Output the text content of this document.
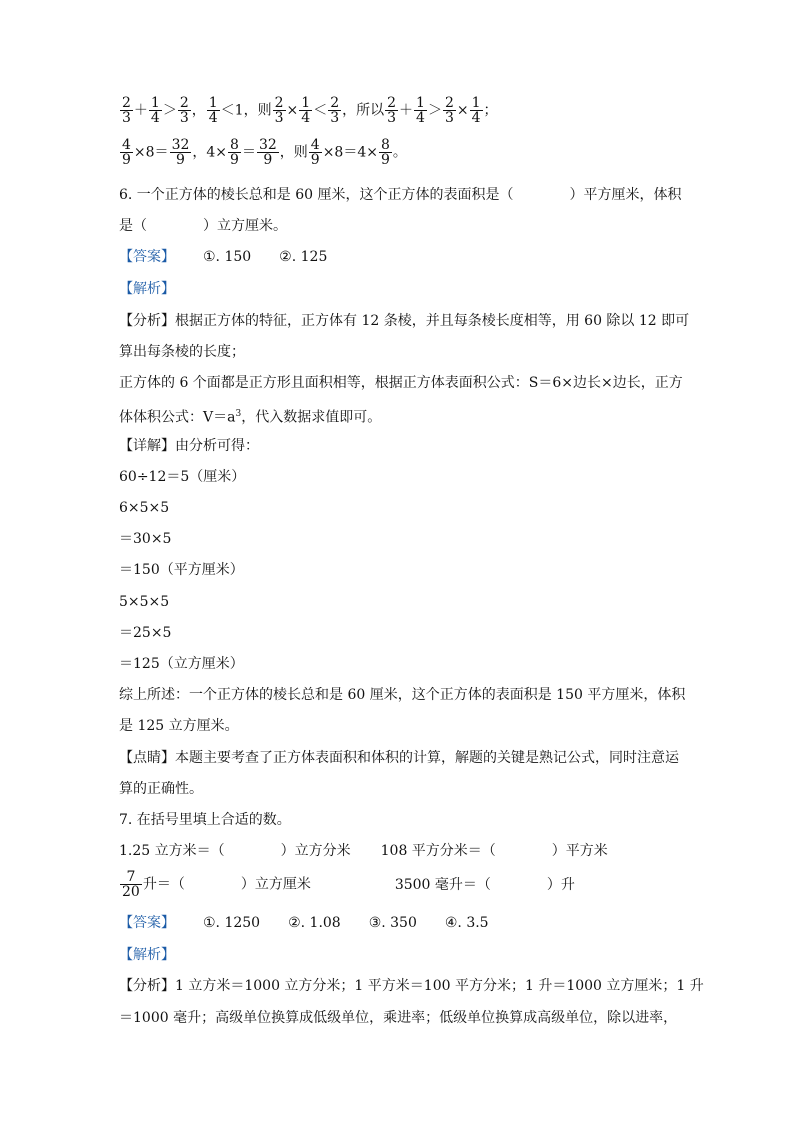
$\frac{2}{3} + \frac{1}{4} > \frac{2}{3}$ ， $\frac{1}{4} <1$，则 $\frac{2}{3} \times \frac{1}{4} < \frac{2}{3}$ ，所以 $\frac{2}{3} + \frac{1}{4} > \frac{2}{3} \times \frac{1}{4}$ ；
$\frac{4}{9} \times 8= \frac{32}{9}$ ，$4\times \frac{8}{9} = \frac{32}{9}$ ，则 $\frac{4}{9} \times 8=4\times \frac{8}{9}$ 。
6. 一个正方体的棱长总和是 60 厘米，这个正方体的表面积是（　　　　）平方厘米，体积
是（　　　　）立方厘米。
【答案】 ①. 150　　②. 125
【解析】
【分析】根据正方体的特征，正方体有 12 条棱，并且每条棱长度相等，用 60 除以 12 即可
算出每条棱的长度；
正方体的 6 个面都是正方形且面积相等，根据正方体表面积公式：S＝6×边长×边长，正方
体体积公式：$V=a^3$，代入数据求值即可。
【详解】由分析可得：
60÷12＝5（厘米）
6×5×5
＝30×5
＝150（平方厘米）
5×5×5
＝25×5
＝125（立方厘米）
综上所述：一个正方体的棱长总和是 60 厘米，这个正方体的表面积是 150 平方厘米，体积
是 125 立方厘米。
【点睛】本题主要考查了正方体表面积和体积的计算，解题的关键是熟记公式，同时注意运
算的正确性。
7. 在括号里填上合适的数。
1.25 立方米＝（　　　　）立方分米 108 平方分米＝（　　　　）平方米
$\frac{7}{20}$ 升＝（　　　　）立方厘米	3500 毫升＝（　　　　）升
【答案】 ①. 1250　　②. 1.08　　③. 350　　④. 3.5
【解析】
【分析】1 立方米＝1000 立方分米；1 平方米＝100 平方分米；1 升＝1000 立方厘米；1 升
＝1000 毫升；高级单位换算成低级单位，乘进率；低级单位换算成高级单位，除以进率，
